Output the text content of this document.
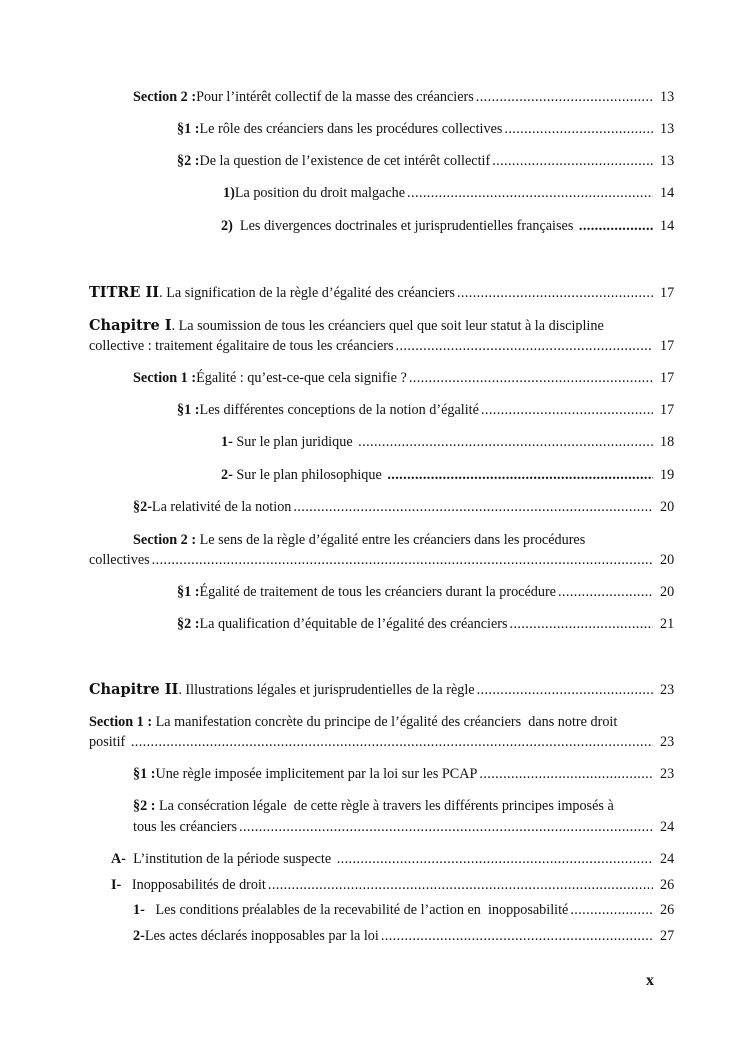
Section 2 : Pour l’intérêt collectif de la masse des créanciers .....	13
§1 : Le rôle des créanciers dans les procédures collectives .....	13
§2 : De la question de l’existence de cet intérêt collectif .....	13
1) La position du droit malgache .....	14
2) Les divergences doctrinales et jurisprudentielles françaises .....	14
TITRE II . La signification de la règle d’égalité des créanciers .....	17
Chapitre I. La soumission de tous les créanciers quel que soit leur statut à la discipline
collective : traitement égalitaire de tous les créanciers .....	17
Section 1 : Égalité : qu’est-ce-que cela signifie ? .....	17
§1 : Les différentes conceptions de la notion d’égalité .....	17
1- Sur le plan juridique .....	18
2- Sur le plan philosophique .....	19
§2- La relativité de la notion .....	20
Section 2 : Le sens de la règle d’égalité entre les créanciers dans les procédures
collectives .....	20
§1 : Égalité de traitement de tous les créanciers durant la procédure .....	20
§2 : La qualification d’équitable de l’égalité des créanciers .....	21
Chapitre II . Illustrations légales et jurisprudentielles de la règle .....	23
Section 1 : La manifestation concrète du principe de l’égalité des créanciers  dans notre droit
positif .....	23
§1 : Une règle imposée implicitement par la loi sur les PCAP .....	23
§2 : La consécration légale  de cette règle à travers les différents principes imposés à
tous les créanciers .....	24
A- L’institution de la période suspecte .....	24
I- Inopposabilités de droit .....	26
1- Les conditions préalables de la recevabilité de l’action en  inopposabilité .....	26
2- Les actes déclarés inopposables par la loi .....	27
x
